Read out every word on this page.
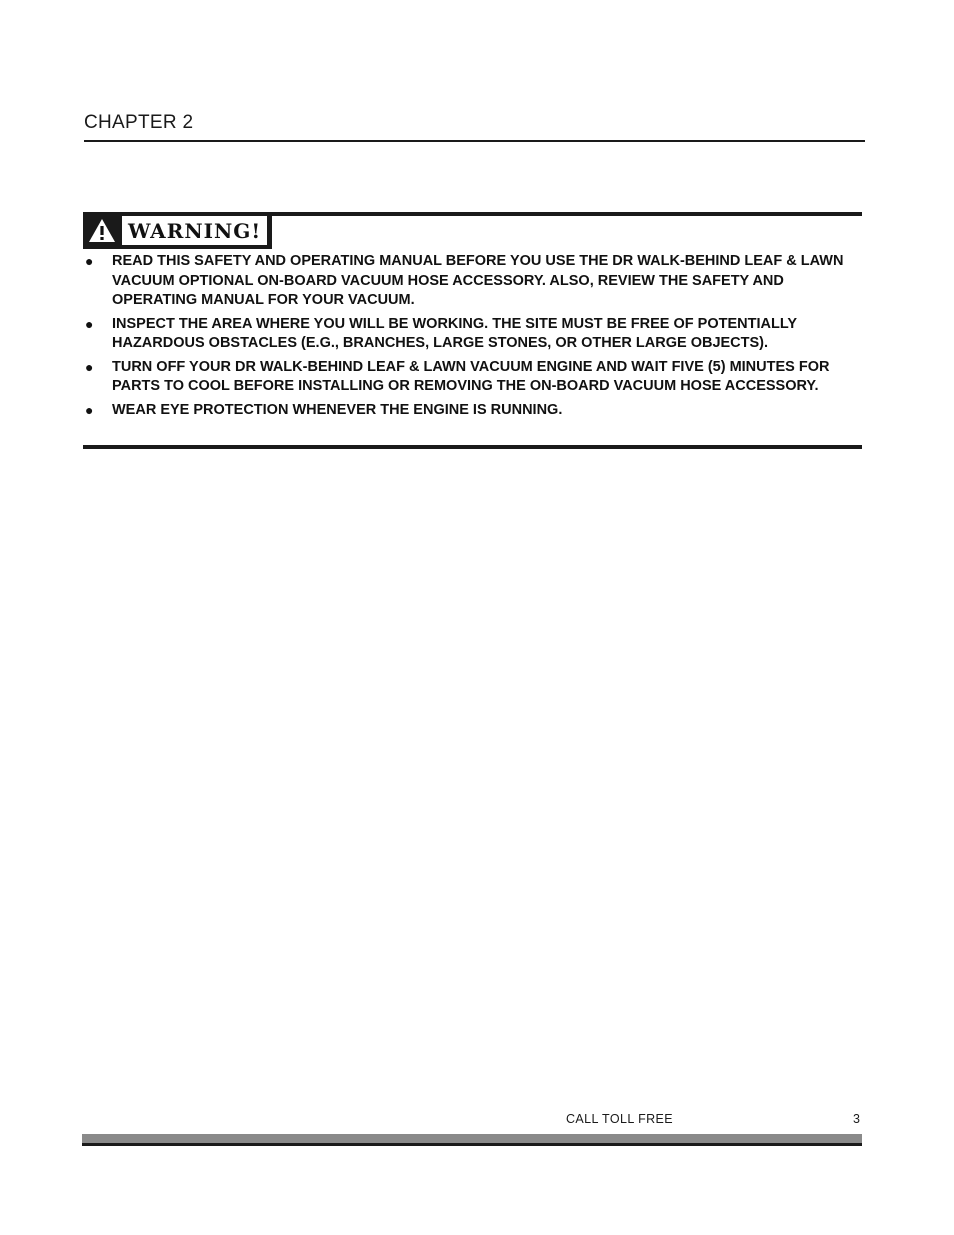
CHAPTER 2
WARNING!
● READ THIS SAFETY AND OPERATING MANUAL BEFORE YOU USE THE DR WALK-BEHIND LEAF & LAWN VACUUM OPTIONAL ON-BOARD VACUUM HOSE ACCESSORY. ALSO, REVIEW THE SAFETY AND OPERATING MANUAL FOR YOUR VACUUM.
● INSPECT THE AREA WHERE YOU WILL BE WORKING. THE SITE MUST BE FREE OF POTENTIALLY HAZARDOUS OBSTACLES (E.G., BRANCHES, LARGE STONES, OR OTHER LARGE OBJECTS).
● TURN OFF YOUR DR WALK-BEHIND LEAF & LAWN VACUUM ENGINE AND WAIT FIVE (5) MINUTES FOR PARTS TO COOL BEFORE INSTALLING OR REMOVING THE ON-BOARD VACUUM HOSE ACCESSORY.
● WEAR EYE PROTECTION WHENEVER THE ENGINE IS RUNNING.
CALL TOLL FREE	3
